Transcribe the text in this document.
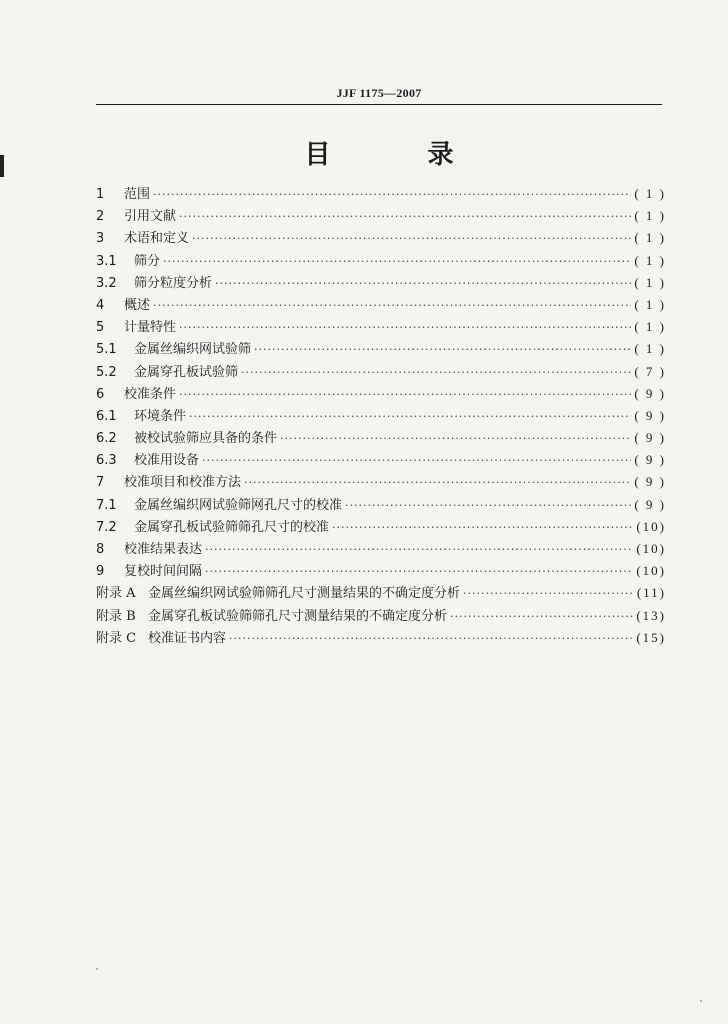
JJF 1175—2007
目 录
1	范围 ·····	( 1 )
2	引用文献 ·····	( 1 )
3	术语和定义 ·····	( 1 )
3.1	筛分 ·····	( 1 )
3.2	筛分粒度分析 ·····	( 1 )
4	概述 ·····	( 1 )
5	计量特性 ·····	( 1 )
5.1	金属丝编织网试验筛 ·····	( 1 )
5.2	金属穿孔板试验筛 ·····	( 7 )
6	校准条件 ·····	( 9 )
6.1	环境条件 ·····	( 9 )
6.2	被校试验筛应具备的条件 ·····	( 9 )
6.3	校准用设备 ·····	( 9 )
7	校准项目和校准方法 ·····	( 9 )
7.1	金属丝编织网试验筛网孔尺寸的校准 ·····	( 9 )
7.2	金属穿孔板试验筛筛孔尺寸的校准 ·····	(10)
8	校准结果表达 ·····	(10)
9	复校时间间隔 ·····	(10)
附录 A 金属丝编织网试验筛筛孔尺寸测量结果的不确定度分析 ·····	(11)
附录 B 金属穿孔板试验筛筛孔尺寸测量结果的不确定度分析 ·····	(13)
附录 C 校准证书内容 ·····	(15)
